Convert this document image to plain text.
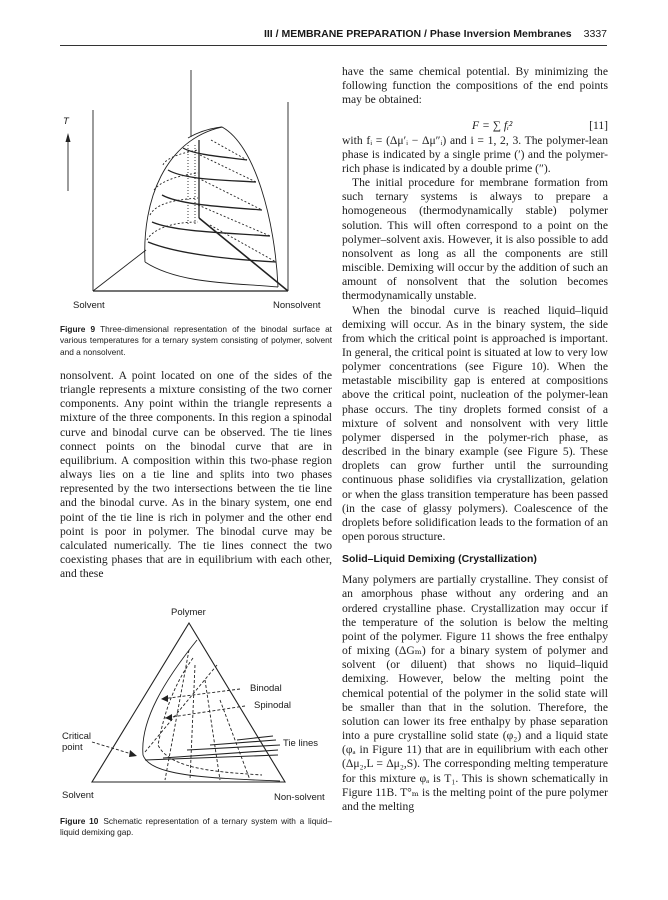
III / MEMBRANE PREPARATION / Phase Inversion Membranes 3337
T
Solvent	Nonsolvent
Figure 9 Three-dimensional representation of the binodal surface at various temperatures for a ternary system consisting of polymer, solvent and a nonsolvent.
Polymer
Binodal
Spinodal
Tie lines
Critical
point
Solvent	Non-solvent
Figure 10 Schematic representation of a ternary system with a liquid–liquid demixing gap.

nonsolvent. A point located on one of the sides of the triangle represents a mixture consisting of the two corner components. Any point within the triangle represents a mixture of the three components. In this region a spinodal curve and binodal curve can be observed. The tie lines connect points on the binodal curve that are in equilibrium. A composition within this two-phase region always lies on a tie line and splits into two phases represented by the two intersections between the tie line and the binodal curve. As in the binary system, one end point of the tie line is rich in polymer and the other end point is poor in polymer. The binodal curve may be calculated numerically. The tie lines connect the two coexisting phases that are in equilibrium with each other, and these

have the same chemical potential. By minimizing the following function the compositions of the end points may be obtained:

F = ∑ fᵢ²	[11]

with fᵢ = (Δμ′ᵢ − Δμ″ᵢ) and i = 1, 2, 3. The polymer-lean phase is indicated by a single prime (′) and the polymer-rich phase is indicated by a double prime (″).

The initial procedure for membrane formation from such ternary systems is always to prepare a homogeneous (thermodynamically stable) polymer solution. This will often correspond to a point on the polymer–solvent axis. However, it is also possible to add nonsolvent as long as all the components are still miscible. Demixing will occur by the addition of such an amount of nonsolvent that the solution becomes thermodynamically unstable.

When the binodal curve is reached liquid–liquid demixing will occur. As in the binary system, the side from which the critical point is approached is important. In general, the critical point is situated at low to very low polymer concentrations (see Figure 10). When the metastable miscibility gap is entered at compositions above the critical point, nucleation of the polymer-lean phase occurs. The tiny droplets formed consist of a mixture of solvent and nonsolvent with very little polymer dispersed in the polymer-rich phase, as described in the binary example (see Figure 5). These droplets can grow further until the surrounding continuous phase solidifies via crystallization, gelation or when the glass transition temperature has been passed (in the case of glassy polymers). Coalescence of the droplets before solidification leads to the formation of an open porous structure.

Solid–Liquid Demixing (Crystallization)

Many polymers are partially crystalline. They consist of an amorphous phase without any ordering and an ordered crystalline phase. Crystallization may occur if the temperature of the solution is below the melting point of the polymer. Figure 11 shows the free enthalpy of mixing (ΔGₘ) for a binary system of polymer and solvent (or diluent) that shows no liquid–liquid demixing. However, below the melting point the chemical potential of the polymer in the solid state will be smaller than that in the solution. Therefore, the solution can lower its free enthalpy by phase separation into a pure crystalline solid state (φ₂) and a liquid state (φₐ in Figure 11) that are in equilibrium with each other (Δμ₂,L = Δμ₂,S). The corresponding melting temperature for this mixture φₐ is T₁. This is shown schematically in Figure 11B. T°ₘ is the melting point of the pure polymer and the melting
